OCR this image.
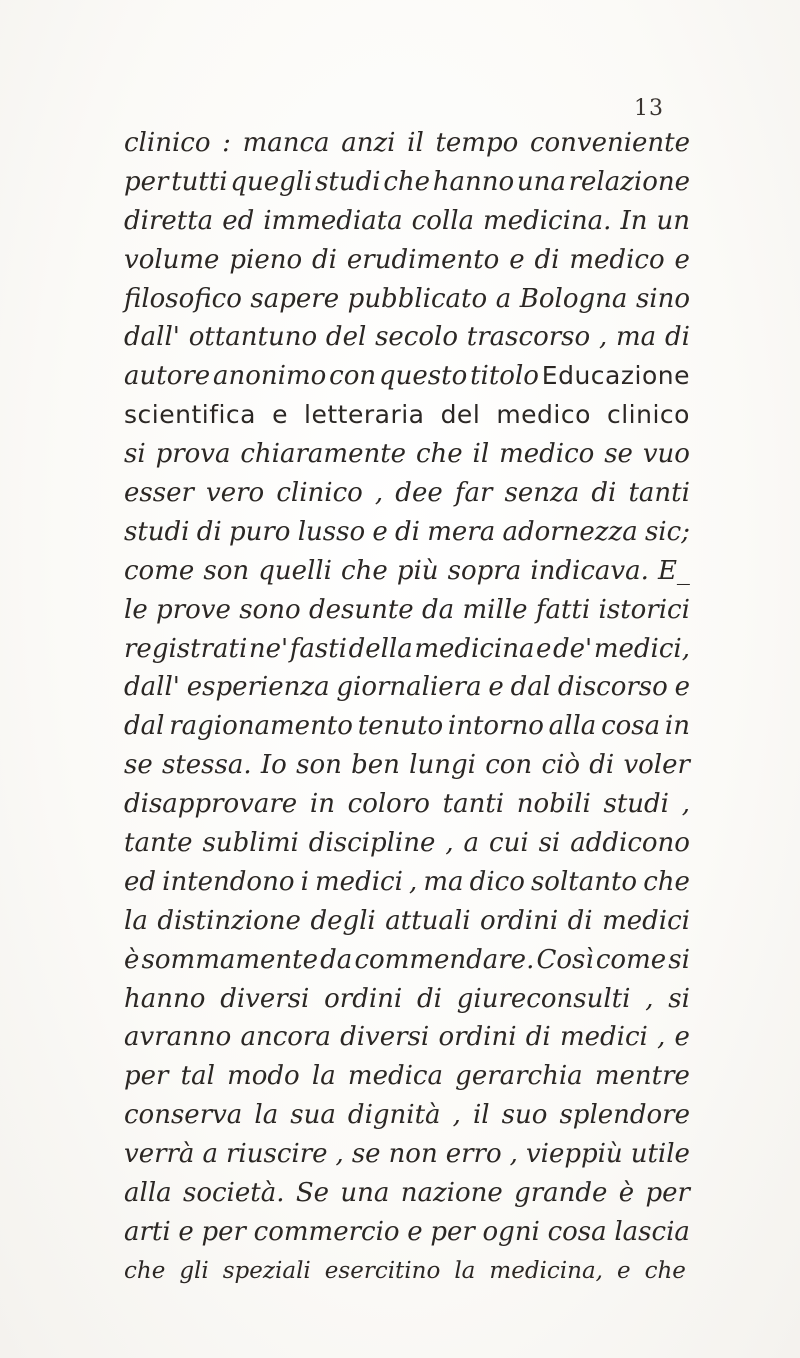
13
clinico : manca anzi il tempo conveniente
per tutti quegli studi che hanno una relazione
diretta ed immediata colla medicina. In un
volume pieno di erudimento e di medico e
filosofico sapere pubblicato a Bologna sino
dall' ottantuno del secolo trascorso , ma di
autore anonimo con questo titolo Educazione
scientifica e letteraria del medico clinico
si prova chiaramente che il medico se vuo
esser vero clinico , dee far senza di tanti
studi di puro lusso e di mera adornezza sic;
come son quelli che più sopra indicava. E_
le prove sono desunte da mille fatti istorici
registrati ne' fasti della medicina e de' medici,
dall' esperienza giornaliera e dal discorso e
dal ragionamento tenuto intorno alla cosa in
se stessa. Io son ben lungi con ciò di voler
disapprovare in coloro tanti nobili studi ,
tante sublimi discipline , a cui si addicono
ed intendono i medici , ma dico soltanto che
la distinzione degli attuali ordini di medici
è sommamente da commendare. Così come si
hanno diversi ordini di giureconsulti , si
avranno ancora diversi ordini di medici , e
per tal modo la medica gerarchia mentre
conserva la sua dignità , il suo splendore
verrà a riuscire , se non erro , vieppiù utile
alla società. Se una nazione grande è per
arti e per commercio e per ogni cosa lascia
che gli speziali esercitino la medicina, e che
